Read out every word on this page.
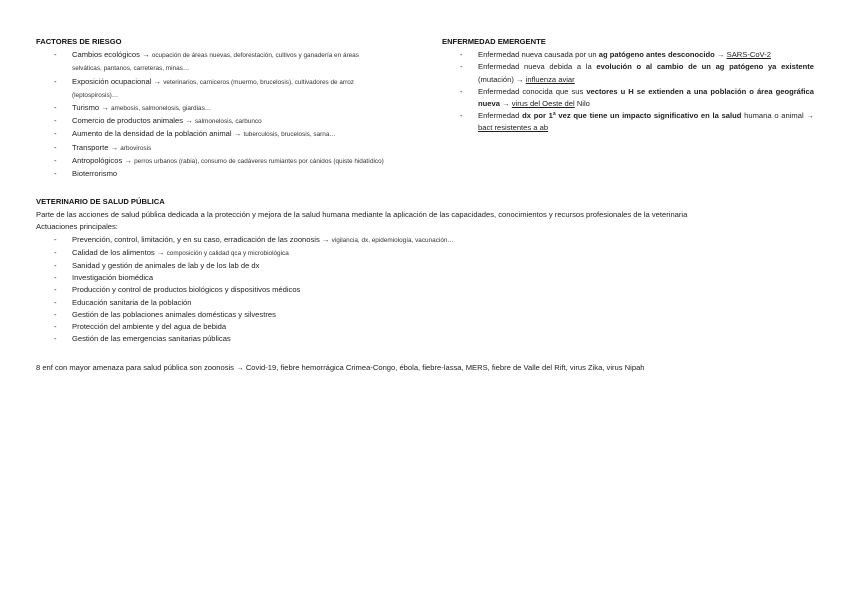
FACTORES DE RIESGO
- Cambios ecológicos → ocupación de áreas nuevas, deforestación, cultivos y ganadería en áreas selváticas, pantanos, carreteras, minas…
- Exposición ocupacional → veterinarios, carniceros (muermo, brucelosis), cultivadores de arroz (leptospirosis)…
- Turismo → amebosis, salmonelosis, giardias…
- Comercio de productos animales → salmonelosis, carbunco
- Aumento de la densidad de la población animal → tuberculosis, brucelosis, sarna…
- Transporte → arbovirosis
- Antropológicos → perros urbanos (rabia), consumo de cadáveres rumiantes por cánidos (quiste hidatídico)
- Bioterrorismo
ENFERMEDAD EMERGENTE
- Enfermedad nueva causada por un ag patógeno antes desconocido → SARS-CoV-2
- Enfermedad nueva debida a la evolución o al cambio de un ag patógeno ya existente (mutación) → influenza aviar
- Enfermedad conocida que sus vectores u H se extienden a una población o área geográfica nueva → virus del Oeste del Nilo
- Enfermedad dx por 1ª vez que tiene un impacto significativo en la salud humana o animal → bact resistentes a ab
VETERINARIO DE SALUD PÚBLICA

Parte de las acciones de salud pública dedicada a la protección y mejora de la salud humana mediante la aplicación de las capacidades, conocimientos y recursos profesionales de la veterinaria

Actuaciones principales:

- Prevención, control, limitación, y en su caso, erradicación de las zoonosis → vigilancia, dx, epidemiología, vacunación…
- Calidad de los alimentos → composición y calidad qca y microbiológica
- Sanidad y gestión de animales de lab y de los lab de dx
- Investigación biomédica
- Producción y control de productos biológicos y dispositivos médicos
- Educación sanitaria de la población
- Gestión de las poblaciones animales domésticas y silvestres
- Protección del ambiente y del agua de bebida
- Gestión de las emergencias sanitarias públicas
8 enf con mayor amenaza para salud pública son zoonosis → Covid-19, fiebre hemorrágica Crimea-Congo, ébola, fiebre-lassa, MERS, fiebre de Valle del Rift, virus Zika, virus Nipah
